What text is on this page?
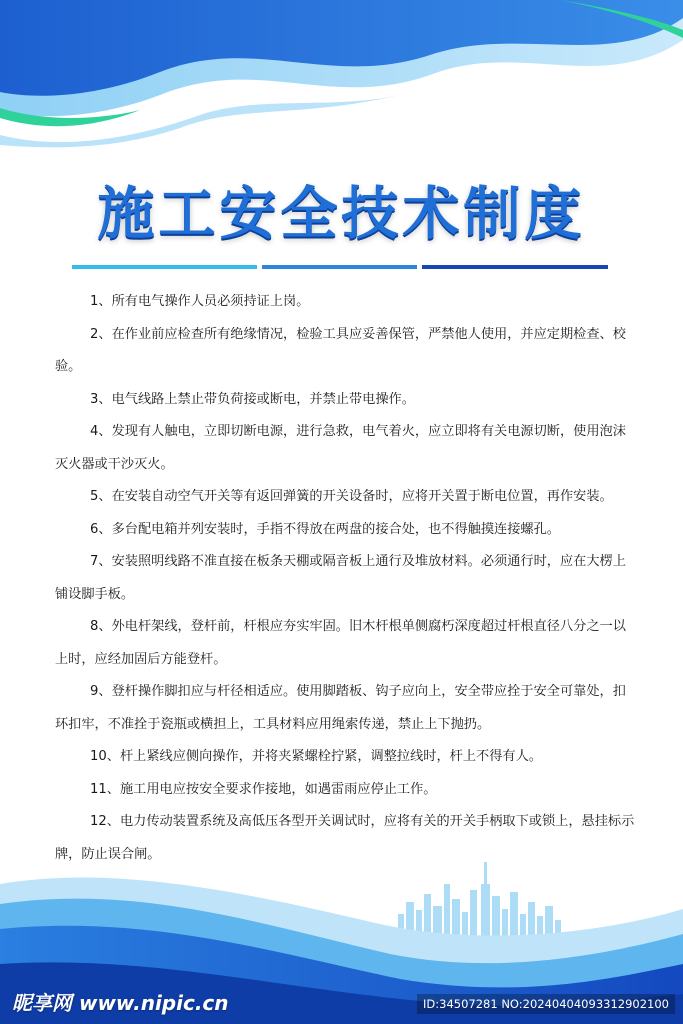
施工安全技术制度

1、所有电气操作人员必须持证上岗。

2、在作业前应检查所有绝缘情况，检验工具应妥善保管，严禁他人使用，并应定期检查、校验。

3、电气线路上禁止带负荷接或断电，并禁止带电操作。

4、发现有人触电，立即切断电源，进行急救，电气着火，应立即将有关电源切断，使用泡沫灭火器或干沙灭火。

5、在安装自动空气开关等有返回弹簧的开关设备时，应将开关置于断电位置，再作安装。

6、多台配电箱并列安装时，手指不得放在两盘的接合处，也不得触摸连接螺孔。

7、安装照明线路不准直接在板条天棚或隔音板上通行及堆放材料。必须通行时，应在大楞上铺设脚手板。

8、外电杆架线，登杆前，杆根应夯实牢固。旧木杆根单侧腐朽深度超过杆根直径八分之一以上时，应经加固后方能登杆。

9、登杆操作脚扣应与杆径相适应。使用脚踏板、钩子应向上，安全带应拴于安全可靠处，扣环扣牢，不准拴于瓷瓶或横担上，工具材料应用绳索传递，禁止上下抛扔。

10、杆上紧线应侧向操作，并将夹紧螺栓拧紧，调整拉线时，杆上不得有人。

11、施工用电应按安全要求作接地，如遇雷雨应停止工作。

12、电力传动装置系统及高低压各型开关调试时，应将有关的开关手柄取下或锁上，悬挂标示牌，防止误合闸。

昵享网 www.nipic.cn	ID:34507281 NO:20240404093312902100
